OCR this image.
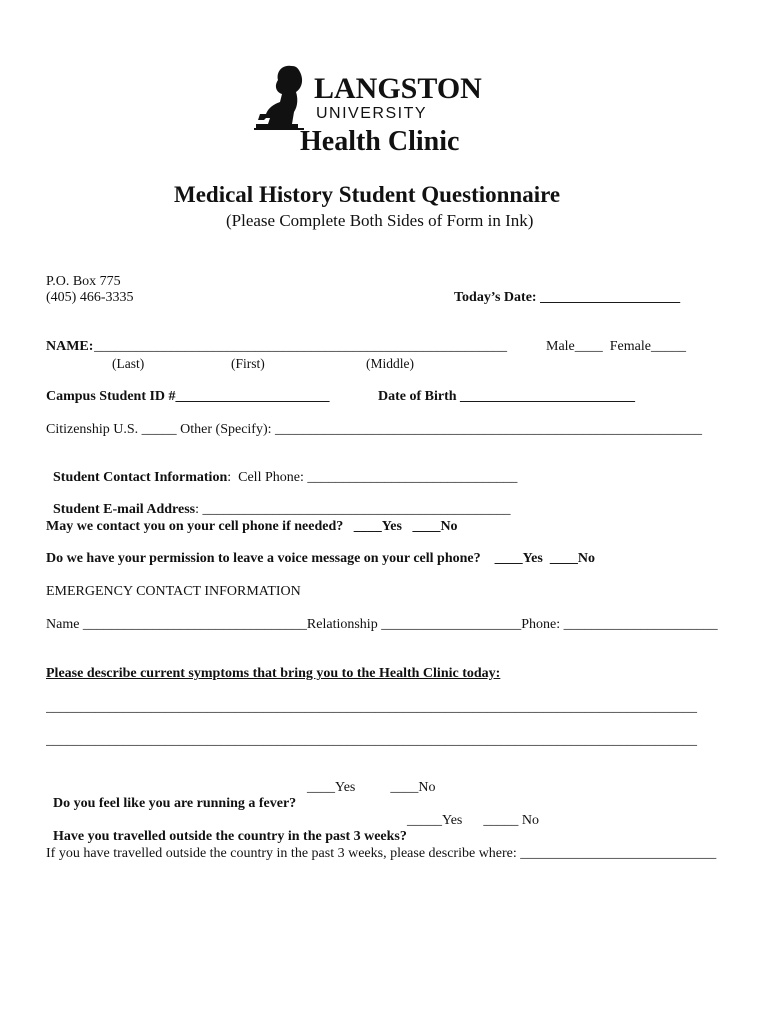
LANGSTON
UNIVERSITY
Health Clinic
Medical History Student Questionnaire
(Please Complete Both Sides of Form in Ink)
P.O. Box 775
(405) 466-3335	Today’s Date: ____________________
NAME: ___________________________________________________________	Male____  Female_____
(Last)	(First)	(Middle)
Campus Student ID #______________________	Date of Birth _________________________
Citizenship U.S. _____ Other (Specify): _____________________________________________________________

Student Contact Information:  Cell Phone: ______________________________

Student E-mail Address: ____________________________________________

May we contact you on your cell phone if needed?   ____Yes   ____No
Do we have your permission to leave a voice message on your cell phone?    ____Yes  ____No
EMERGENCY CONTACT INFORMATION
Name ________________________________Relationship ____________________Phone: ______________________
Please describe current symptoms that bring you to the Health Clinic today:
_____________________________________________________________________________________________
_____________________________________________________________________________________________

Do you feel like you are running a fever?

____Yes          ____No

Have you travelled outside the country in the past 3 weeks?

_____Yes      _____ No
If you have travelled outside the country in the past 3 weeks, please describe where: ____________________________
